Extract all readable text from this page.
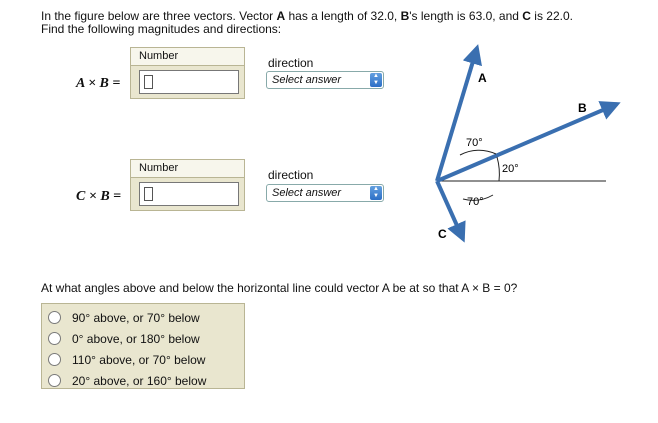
In the figure below are three vectors. Vector A has a length of 32.0, B's length is 63.0, and C is 22.0.
Find the following magnitudes and directions:
A × B =
Number	direction
Select answer	▲
▼
C × B =
Number	direction
Select answer	▲
▼
A
B
C
70°
20°
70°
At what angles above and below the horizontal line could vector A be at so that A × B = 0?
90° above, or 70° below
0° above, or 180° below
110° above, or 70° below
20° above, or 160° below
